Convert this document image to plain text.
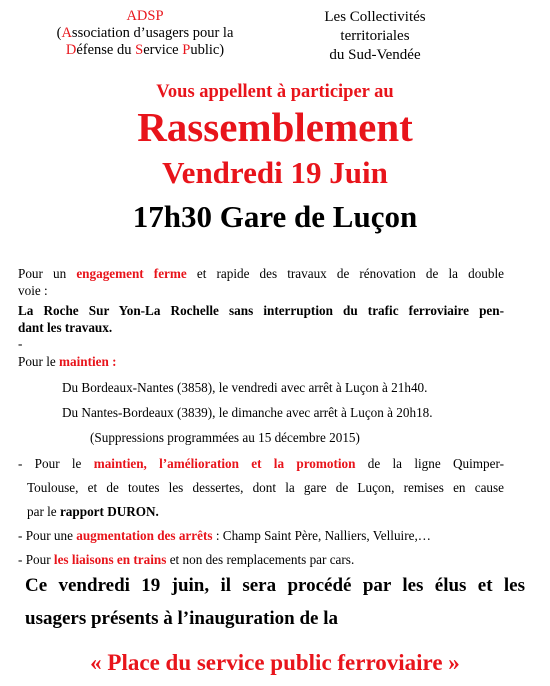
ADSP
(Association d’usagers pour la
Défense du Service Public)
Les Collectivités
territoriales
du Sud-Vendée
Vous appellent à participer au
Rassemblement
Vendredi 19 Juin
17h30 Gare de Luçon
Pour un engagement ferme et rapide des travaux de rénovation de la double
voie :
La Roche Sur Yon-La Rochelle sans interruption du trafic ferroviaire pen-
dant les travaux.
-
Pour le maintien :
Du Bordeaux-Nantes (3858), le vendredi avec arrêt à Luçon à 21h40.
Du Nantes-Bordeaux (3839), le dimanche avec arrêt à Luçon à 20h18.
(Suppressions programmées au 15 décembre 2015)
- Pour le maintien, l’amélioration et la promotion de la ligne Quimper-
Toulouse, et de toutes les dessertes, dont la gare de Luçon, remises en cause
par le rapport DURON.
- Pour une augmentation des arrêts : Champ Saint Père, Nalliers, Velluire,…
- Pour les liaisons en trains et non des remplacements par cars.
Ce vendredi 19 juin, il sera procédé par les élus et les
usagers présents à l’inauguration de la
« Place du service public ferroviaire »
